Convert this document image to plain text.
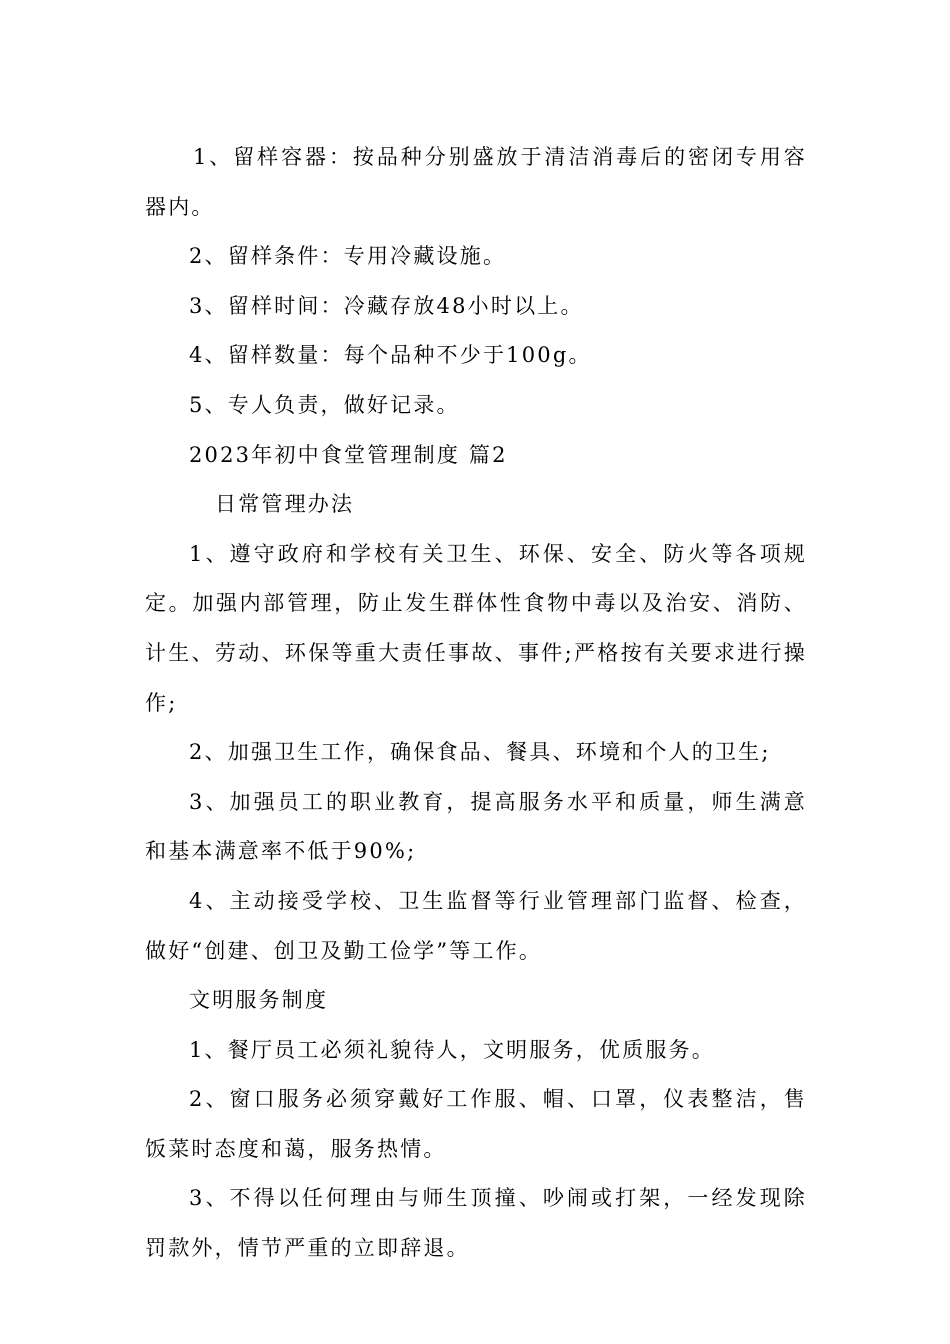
1、留样容器：按品种分别盛放于清洁消毒后的密闭专用容器内。

2、留样条件：专用冷藏设施。

3、留样时间：冷藏存放48小时以上。

4、留样数量：每个品种不少于100g。

5、专人负责，做好记录。

2023年初中食堂管理制度 篇2

日常管理办法

1、遵守政府和学校有关卫生、环保、安全、防火等各项规定。加强内部管理，防止发生群体性食物中毒以及治安、消防、计生、劳动、环保等重大责任事故、事件;严格按有关要求进行操作;

2、加强卫生工作，确保食品、餐具、环境和个人的卫生;

3、加强员工的职业教育，提高服务水平和质量，师生满意和基本满意率不低于90%;

4、主动接受学校、卫生监督等行业管理部门监督、检查，做好“创建、创卫及勤工俭学”等工作。

文明服务制度

1、餐厅员工必须礼貌待人，文明服务，优质服务。

2、窗口服务必须穿戴好工作服、帽、口罩，仪表整洁，售饭菜时态度和蔼，服务热情。

3、不得以任何理由与师生顶撞、吵闹或打架，一经发现除罚款外，情节严重的立即辞退。
